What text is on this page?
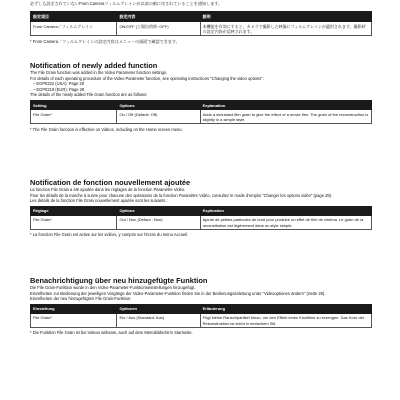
必ずしも設定されていないFrom Cameraフィルムグレインが以前の値に戻されていることを通知します。

設定項目	設定内容	説明
From Camera／フィルムグレイン	ON/OFF (工場出荷時: OFF)	本機能を有効にすると、カメラで撮影した映像にフィルムグレインが適用されます。撮影時の設定内容が反映されます。

* From Camera／フィルムグレインの設定内容はメニューの画面で確認できます。

Notification of newly added function

The File Grain function was added in the Video Parameter function settings.

For details of each operating procedure of the Video Parameter function, see operating instructions "Changing the video options".

– EGP0222 (USA): Page 28
– EGP0219 (EUR): Page 28

The details of the newly added File Grain function are as follows:

Setting	Options	Explanation
File Grain*	On / Off (Default: Off)	Adds a simulated film grain to give the effect of a movie film. The grain of the reconstruction is slightly in a simple style.

* The File Grain function is effective on Videos, including on the Home screen menu.

Notification de fonction nouvellement ajoutée

La fonction File Grain a été ajoutée dans les réglages de la fonction Paramètre Vidéo.

Pour les détails de la marche à suivre pour chacune des opérations de la fonction Paramètre Vidéo, consultez le mode d'emploi "Changer les options vidéo" (page 28).

Les détails de la fonction File Grain nouvellement ajoutée sont les suivants :

Réglage	Options	Explication
File Grain*	Oui / Non (Défaut : Non)	Ajoute de petites particules de bruit pour produire un effet de film de cinéma. Le grain de la reconstitution est légèrement dans un style simple.

* La fonction File Grain est active sur les vidéos, y compris sur l'écran du menu Accueil.

Benachrichtigung über neu hinzugefügte Funktion

Die File Grain-Funktion wurde in den Video-Parameter-Funktionseinstellungen hinzugefügt.

Einzelheiten zur Bedienung der jeweiligen Vorgänge der Video-Parameter-Funktion finden Sie in der Bedienungsanleitung unter "Videooptionen ändern" (Seite 28).

Einzelheiten der neu hinzugefügten File Grain-Funktion:

Einstellung	Optionen	Erläuterung
File Grain*	Ein / Aus (Standard: Aus)	Fügt kleine Rauschpartikel hinzu, um den Effekt eines Kinofilms zu erzeugen. Das Korn der Rekonstruktion ist leicht in einfachem Stil.

* Die Funktion File Grain ist bei Videos wirksam, auch auf dem Menübildschirm Startseite.
